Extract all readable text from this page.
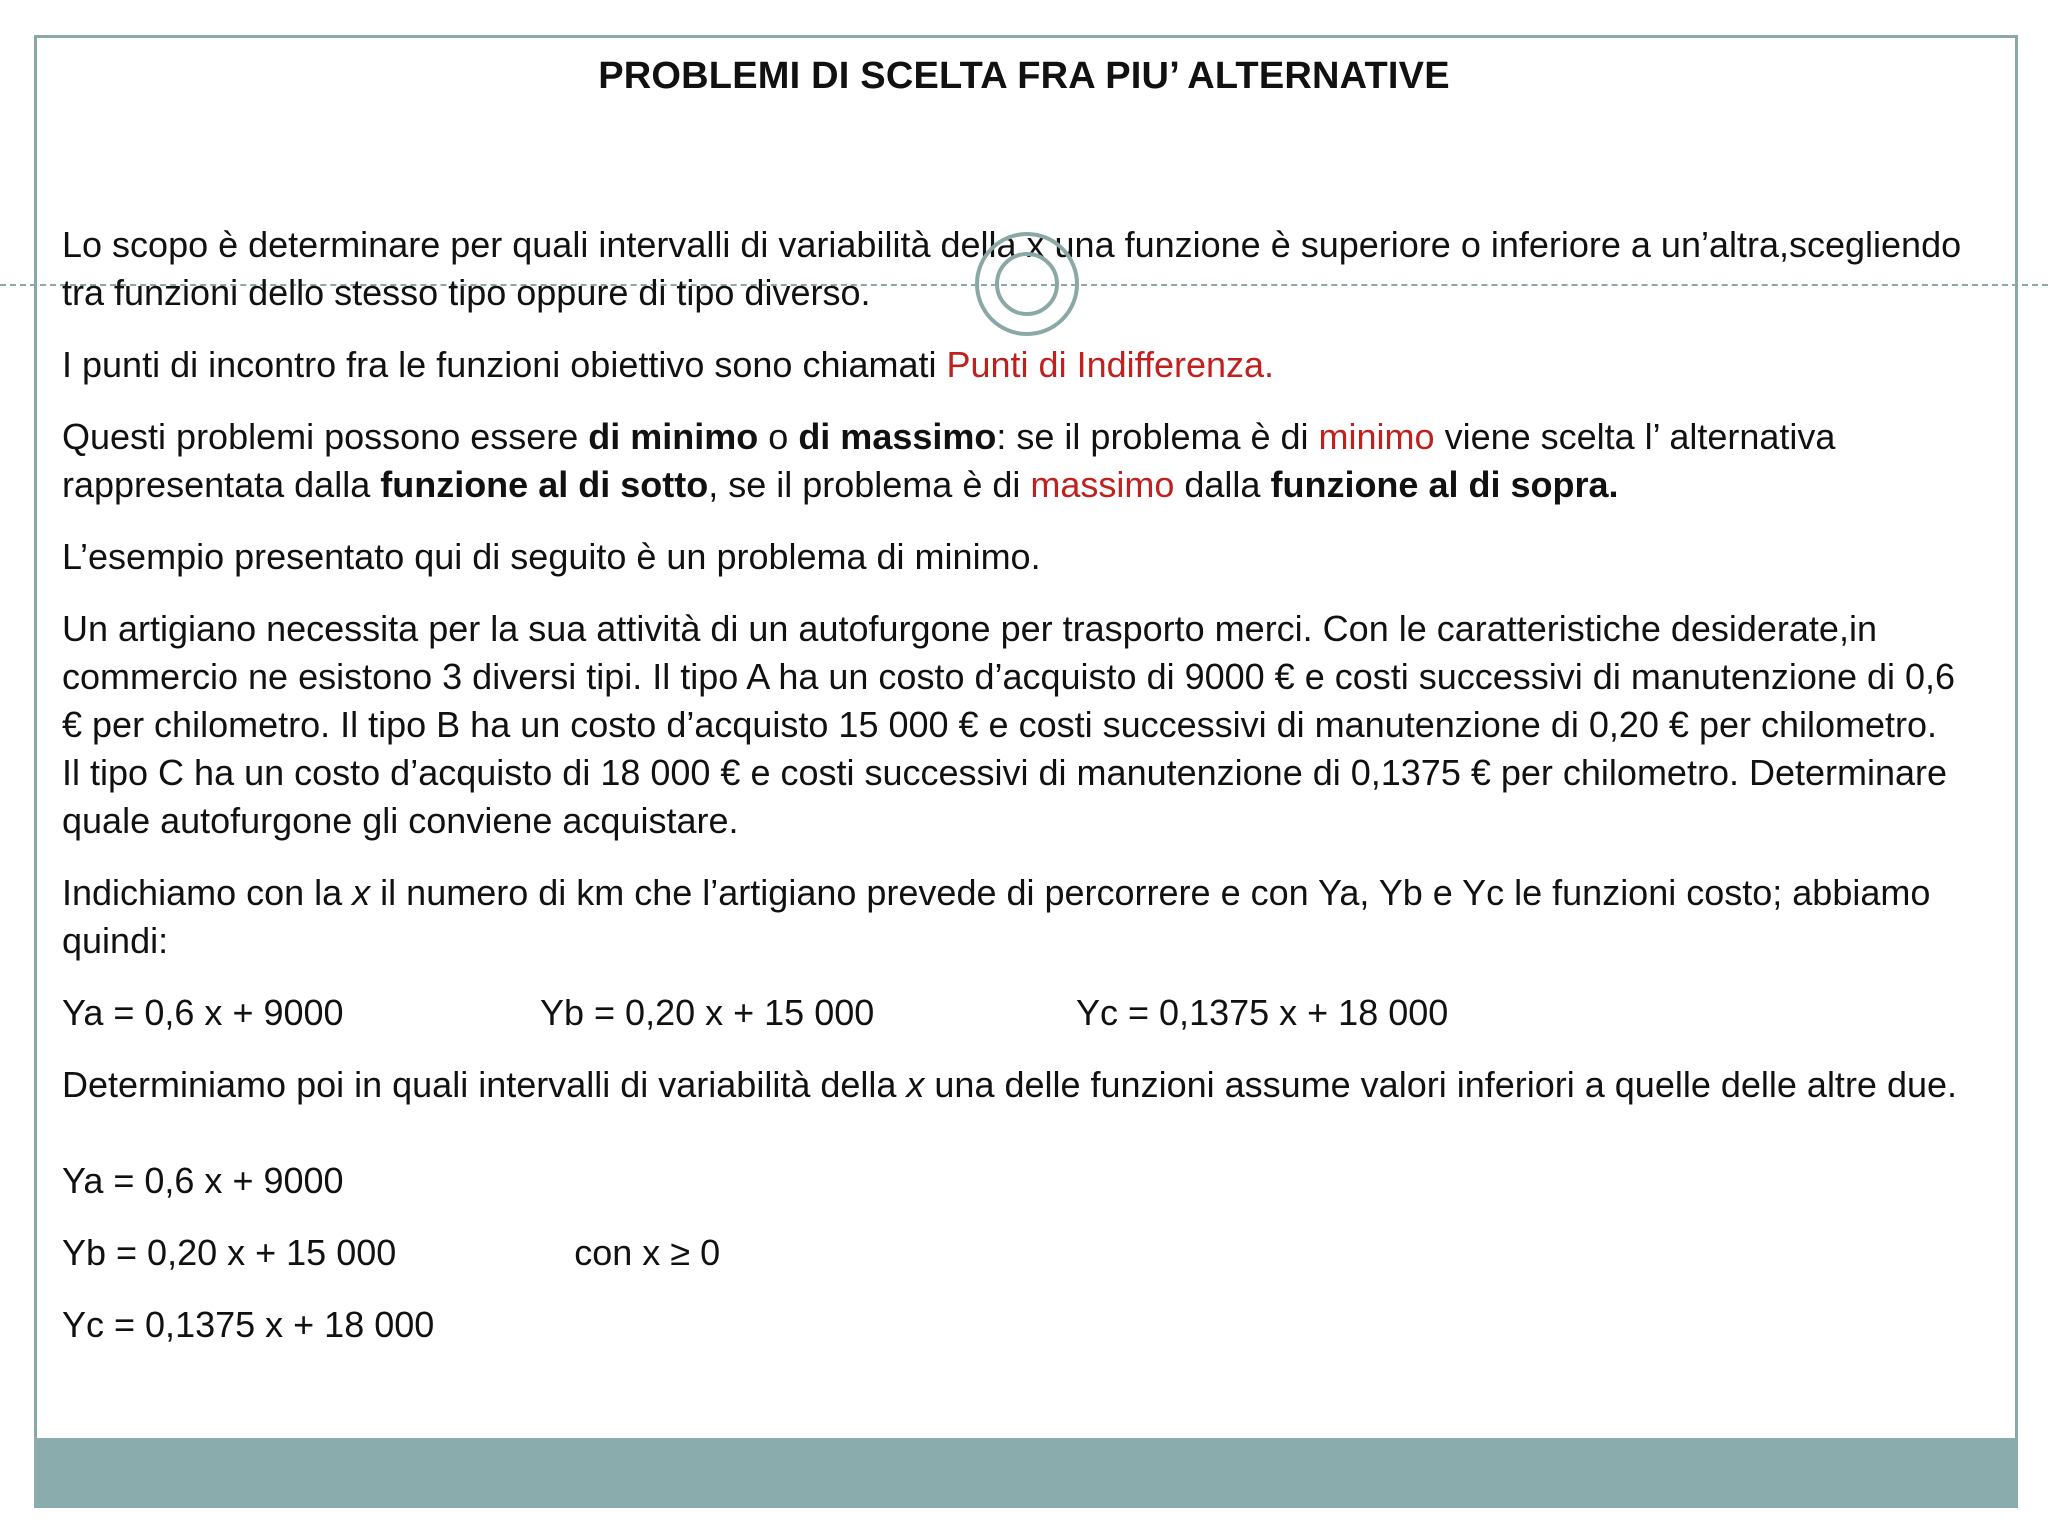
PROBLEMI DI SCELTA FRA PIU’ ALTERNATIVE

Lo scopo è determinare per quali intervalli di variabilità della x una funzione è superiore o inferiore a un’altra,scegliendo tra funzioni dello stesso tipo oppure di tipo diverso.

I punti di incontro fra le funzioni obiettivo sono chiamati Punti di Indifferenza.

Questi problemi possono essere di minimo o di massimo: se il problema è di minimo viene scelta l’ alternativa rappresentata dalla funzione al di sotto, se il problema è di massimo dalla funzione al di sopra.

L’esempio presentato qui di seguito è un problema di minimo.

Un artigiano necessita per la sua attività di un autofurgone per trasporto merci. Con le caratteristiche desiderate,in commercio ne esistono 3 diversi tipi. Il tipo A ha un costo d’acquisto di 9000 € e costi successivi di manutenzione di 0,6 € per chilometro. Il tipo B ha un costo d’acquisto 15 000 € e costi successivi di manutenzione di 0,20 € per chilometro. Il tipo C ha un costo d’acquisto di 18 000 € e costi successivi di manutenzione di 0,1375 € per chilometro. Determinare quale autofurgone gli conviene acquistare.

Indichiamo con la x il numero di km che l’artigiano prevede di percorrere e con Ya, Yb e Yc le funzioni costo; abbiamo quindi:

Ya = 0,6 x + 9000	Yb = 0,20 x + 15 000	Yc = 0,1375 x + 18 000

Determiniamo poi in quali intervalli di variabilità della x una delle funzioni assume valori inferiori a quelle delle altre due.

Ya = 0,6 x + 9000

Yb = 0,20 x + 15 000	con x ≥ 0

Yc = 0,1375 x + 18 000
